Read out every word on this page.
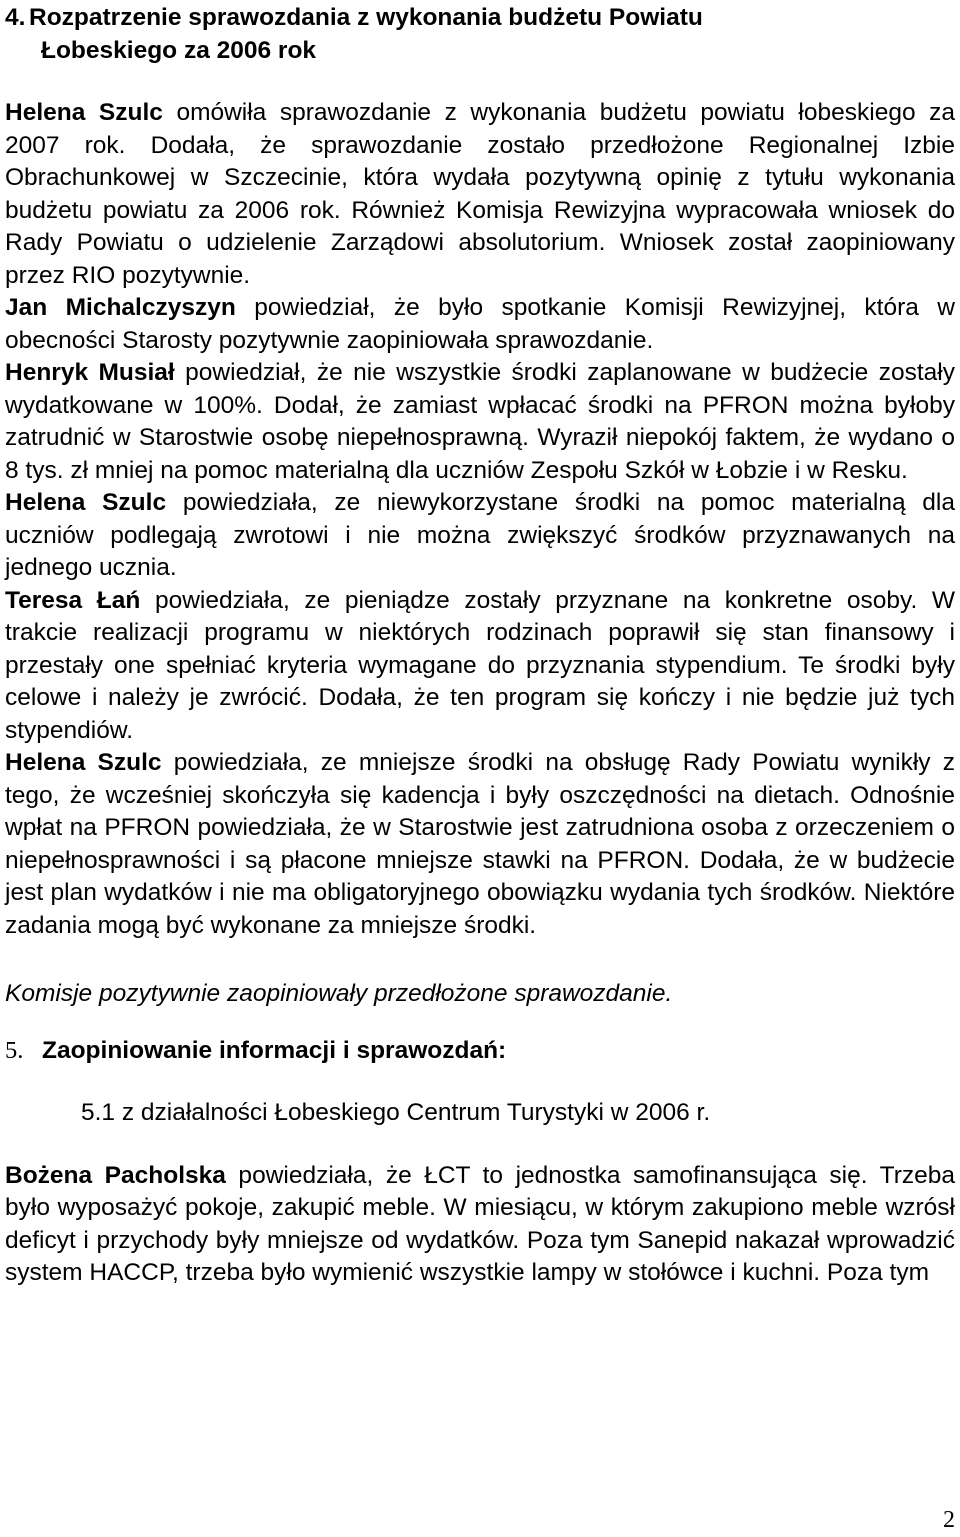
4. Rozpatrzenie sprawozdania z wykonania budżetu Powiatu
Łobeskiego za 2006 rok

Helena Szulc omówiła sprawozdanie z wykonania budżetu powiatu łobeskiego za 2007 rok. Dodała, że sprawozdanie zostało przedłożone Regionalnej Izbie Obrachunkowej w Szczecinie, która wydała pozytywną opinię z tytułu wykonania budżetu powiatu za 2006 rok. Również Komisja Rewizyjna wypracowała wniosek do Rady Powiatu o udzielenie Zarządowi absolutorium. Wniosek został zaopiniowany przez RIO pozytywnie.

Jan Michalczyszyn powiedział, że było spotkanie Komisji Rewizyjnej, która w obecności Starosty pozytywnie zaopiniowała sprawozdanie.

Henryk Musiał powiedział, że nie wszystkie środki zaplanowane w budżecie zostały wydatkowane w 100%. Dodał, że zamiast wpłacać środki na PFRON można byłoby zatrudnić w Starostwie osobę niepełnosprawną. Wyraził niepokój faktem, że wydano o 8 tys. zł mniej na pomoc materialną dla uczniów Zespołu Szkół w Łobzie i w Resku.

Helena Szulc powiedziała, ze niewykorzystane środki na pomoc materialną dla uczniów podlegają zwrotowi i nie można zwiększyć środków przyznawanych na jednego ucznia.

Teresa Łań powiedziała, ze pieniądze zostały przyznane na konkretne osoby. W trakcie realizacji programu w niektórych rodzinach poprawił się stan finansowy i przestały one spełniać kryteria wymagane do przyznania stypendium. Te środki były celowe i należy je zwrócić. Dodała, że ten program się kończy i nie będzie już tych stypendiów.

Helena Szulc powiedziała, ze mniejsze środki na obsługę Rady Powiatu wynikły z tego, że wcześniej skończyła się kadencja i były oszczędności na dietach. Odnośnie wpłat na PFRON powiedziała, że w Starostwie jest zatrudniona osoba z orzeczeniem o niepełnosprawności i są płacone mniejsze stawki na PFRON. Dodała, że w budżecie jest plan wydatków i nie ma obligatoryjnego obowiązku wydania tych środków. Niektóre zadania mogą być wykonane za mniejsze środki.

Komisje pozytywnie zaopiniowały przedłożone sprawozdanie.

5. Zaopiniowanie informacji i sprawozdań:
5.1 z działalności Łobeskiego Centrum Turystyki w 2006 r.

Bożena Pacholska powiedziała, że ŁCT to jednostka samofinansująca się. Trzeba było wyposażyć pokoje, zakupić meble. W miesiącu, w którym zakupiono meble wzrósł deficyt i przychody były mniejsze od wydatków. Poza tym Sanepid nakazał wprowadzić system HACCP, trzeba było wymienić wszystkie lampy w stołówce i kuchni. Poza tym

2
